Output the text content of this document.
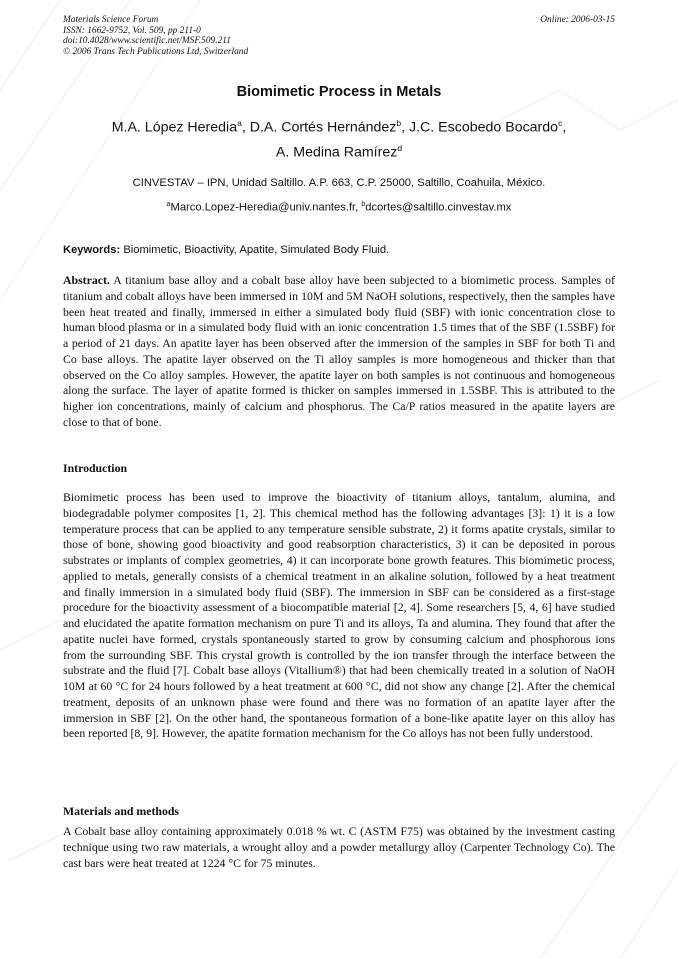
Materials Science Forum
ISSN: 1662-9752, Vol. 509, pp 211-0
doi:10.4028/www.scientific.net/MSF.509.211
© 2006 Trans Tech Publications Ltd, Switzerland
Online: 2006-03-15
Biomimetic Process in Metals
M.A. López Heredia$^a$, D.A. Cortés Hernández$^b$, J.C. Escobedo Bocardo$^c$,
A. Medina Ramírez$^d$
CINVESTAV – IPN, Unidad Saltillo. A.P. 663, C.P. 25000, Saltillo, Coahuila, México.
$^a$Marco.Lopez-Heredia@univ.nantes.fr, $^b$dcortes@saltillo.cinvestav.mx
Keywords: Biomimetic, Bioactivity, Apatite, Simulated Body Fluid.
Abstract. A titanium base alloy and a cobalt base alloy have been subjected to a biomimetic process. Samples of titanium and cobalt alloys have been immersed in 10M and 5M NaOH solutions, respectively, then the samples have been heat treated and finally, immersed in either a simulated body fluid (SBF) with ionic concentration close to human blood plasma or in a simulated body fluid with an ionic concentration 1.5 times that of the SBF (1.5SBF) for a period of 21 days. An apatite layer has been observed after the immersion of the samples in SBF for both Ti and Co base alloys. The apatite layer observed on the Ti alloy samples is more homogeneous and thicker than that observed on the Co alloy samples. However, the apatite layer on both samples is not continuous and homogeneous along the surface. The layer of apatite formed is thicker on samples immersed in 1.5SBF. This is attributed to the higher ion concentrations, mainly of calcium and phosphorus. The Ca/P ratios measured in the apatite layers are close to that of bone.
Introduction
Biomimetic process has been used to improve the bioactivity of titanium alloys, tantalum, alumina, and biodegradable polymer composites [1, 2]. This chemical method has the following advantages [3]: 1) it is a low temperature process that can be applied to any temperature sensible substrate, 2) it forms apatite crystals, similar to those of bone, showing good bioactivity and good reabsorption characteristics, 3) it can be deposited in porous substrates or implants of complex geometries, 4) it can incorporate bone growth features. This biomimetic process, applied to metals, generally consists of a chemical treatment in an alkaline solution, followed by a heat treatment and finally immersion in a simulated body fluid (SBF). The immersion in SBF can be considered as a first-stage procedure for the bioactivity assessment of a biocompatible material [2, 4]. Some researchers [5, 4, 6] have studied and elucidated the apatite formation mechanism on pure Ti and its alloys, Ta and alumina. They found that after the apatite nuclei have formed, crystals spontaneously started to grow by consuming calcium and phosphorous ions from the surrounding SBF. This crystal growth is controlled by the ion transfer through the interface between the substrate and the fluid [7]. Cobalt base alloys (Vitallium®) that had been chemically treated in a solution of NaOH 10M at 60 °C for 24 hours followed by a heat treatment at 600 °C, did not show any change [2]. After the chemical treatment, deposits of an unknown phase were found and there was no formation of an apatite layer after the immersion in SBF [2]. On the other hand, the spontaneous formation of a bone-like apatite layer on this alloy has been reported [8, 9]. However, the apatite formation mechanism for the Co alloys has not been fully understood.
Materials and methods
A Cobalt base alloy containing approximately 0.018 % wt. C (ASTM F75) was obtained by the investment casting technique using two raw materials, a wrought alloy and a powder metallurgy alloy (Carpenter Technology Co). The cast bars were heat treated at 1224 °C for 75 minutes.
